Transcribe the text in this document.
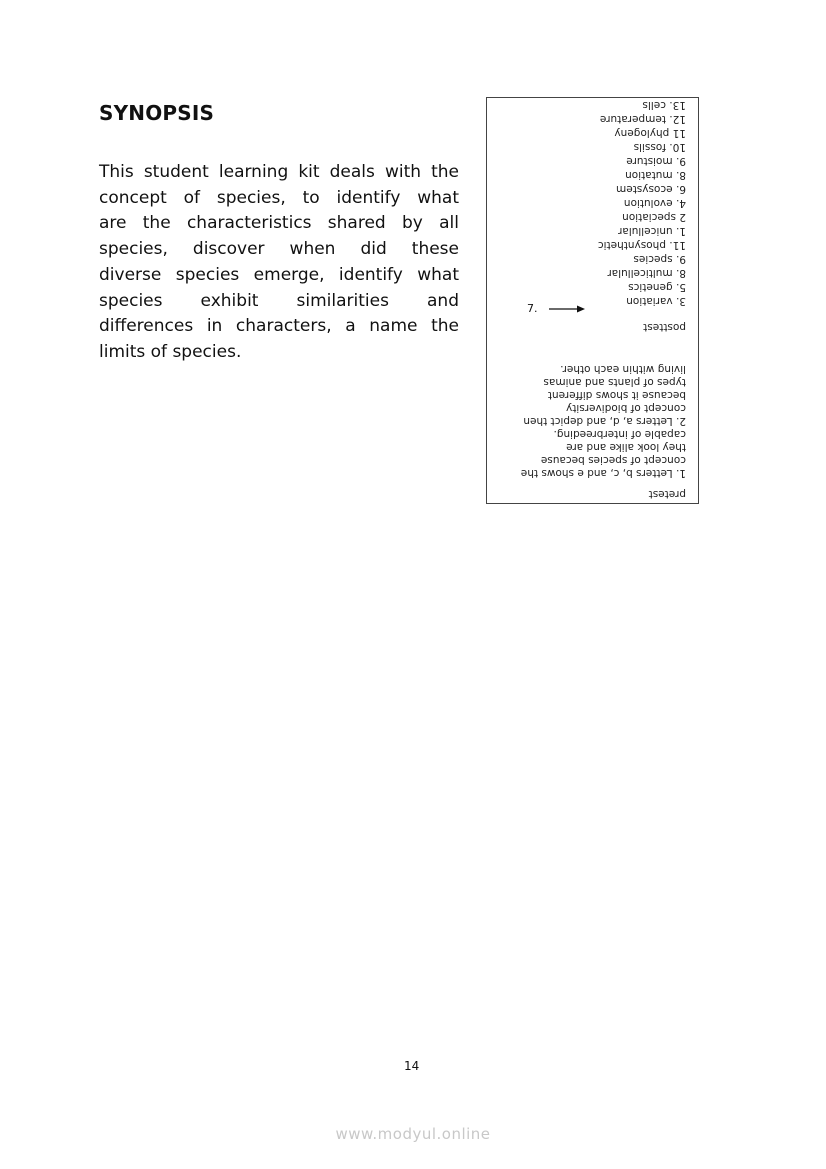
SYNOPSIS
This student learning kit deals with the
concept of species, to identify what
are the characteristics shared by all
species, discover when did these
diverse species emerge, identify what
species exhibit similarities and
differences in characters, a name the
limits of species.
pretest
1. Letters b, c, and e shows the
concept of species because
they look alike and are
capable of interbreeding.
2. Letters a, d, and depict then
concept of biodiversity
because it shows different
types of plants and animas
living within each other.
posttest
3. variation
5. genetics
8. multicellular
9. species
11. phosynthetic
1. unicellular
2 speciation
4. evolution
6. ecosystem
8. mutation
9. moisture
10. fossils
11 phylogeny
12. temperature
13. cells
7.
14
www.modyul.online
